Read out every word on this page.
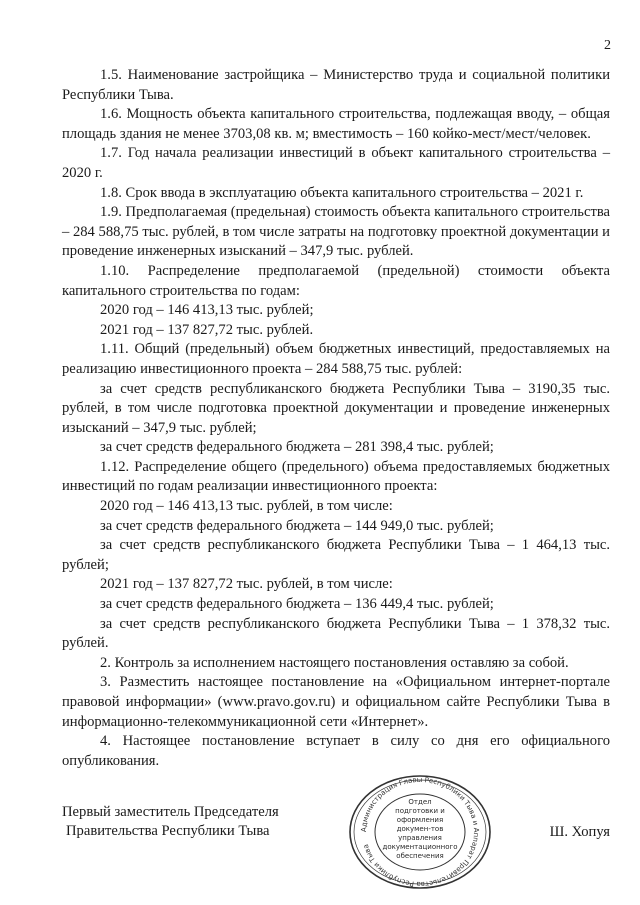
2

1.5. Наименование застройщика – Министерство труда и социальной политики Республики Тыва.

1.6. Мощность объекта капитального строительства, подлежащая вводу, – общая площадь здания не менее 3703,08 кв. м; вместимость – 160 койко-мест/мест/человек.

1.7. Год начала реализации инвестиций в объект капитального строительства – 2020 г.

1.8. Срок ввода в эксплуатацию объекта капитального строительства – 2021 г.

1.9. Предполагаемая (предельная) стоимость объекта капитального строительства – 284 588,75 тыс. рублей, в том числе затраты на подготовку проектной документации и проведение инженерных изысканий – 347,9 тыс. рублей.

1.10. Распределение предполагаемой (предельной) стоимости объекта капитального строительства по годам:

2020 год – 146 413,13 тыс. рублей;

2021 год – 137 827,72 тыс. рублей.

1.11. Общий (предельный) объем бюджетных инвестиций, предоставляемых на реализацию инвестиционного проекта – 284 588,75 тыс. рублей:

за счет средств республиканского бюджета Республики Тыва – 3190,35 тыс. рублей, в том числе подготовка проектной документации и проведение инженерных изысканий – 347,9 тыс. рублей;

за счет средств федерального бюджета – 281 398,4 тыс. рублей;

1.12. Распределение общего (предельного) объема предоставляемых бюджетных инвестиций по годам реализации инвестиционного проекта:

2020 год – 146 413,13 тыс. рублей, в том числе:

за счет средств федерального бюджета – 144 949,0 тыс. рублей;

за счет средств республиканского бюджета Республики Тыва – 1 464,13 тыс. рублей;

2021 год – 137 827,72 тыс. рублей, в том числе:

за счет средств федерального бюджета – 136 449,4 тыс. рублей;

за счет средств республиканского бюджета Республики Тыва – 1 378,32 тыс. рублей.

2. Контроль за исполнением настоящего постановления оставляю за собой.

3. Разместить настоящее постановление на «Официальном интернет-портале правовой информации» (www.pravo.gov.ru) и официальном сайте Республики Тыва в информационно-телекоммуникационной сети «Интернет».

4. Настоящее постановление вступает в силу со дня его официального опубликования.

Администрация Главы Республики Тыва и Аппарат Правительства Республики Тыва
Отдел
подготовки и
оформления докумен-тов
управления
документационного
обеспечения
Первый заместитель Председателя
Правительства Республики Тыва	Ш. Хопуя
